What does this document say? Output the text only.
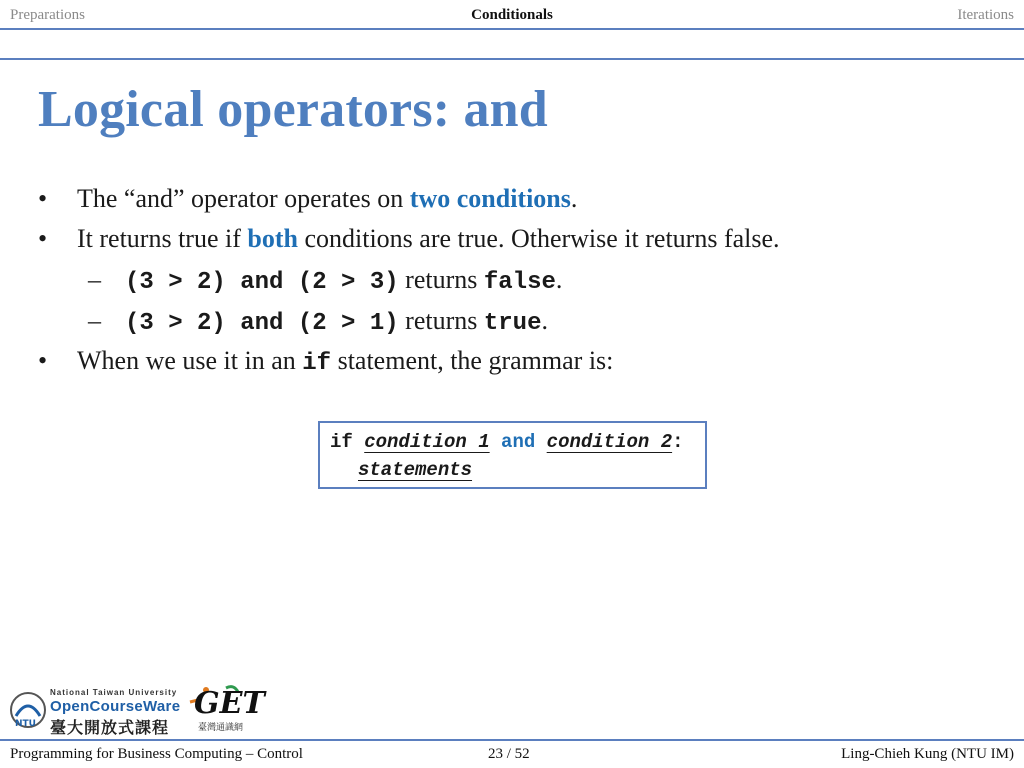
Preparations	Conditionals	Iterations
Logical operators: and
• The “and” operator operates on two conditions.
• It returns true if both conditions are true. Otherwise it returns false.
– (3 > 2) and (2 > 3) returns false.
– (3 > 2) and (2 > 1) returns true.
• When we use it in an if statement, the grammar is:
if condition 1 and condition 2:
statements
NTU
National Taiwan University
OpenCourseWare
臺大開放式課程
GET
臺灣通識網
Programming for Business Computing – Control	23 / 52	Ling-Chieh Kung (NTU IM)
